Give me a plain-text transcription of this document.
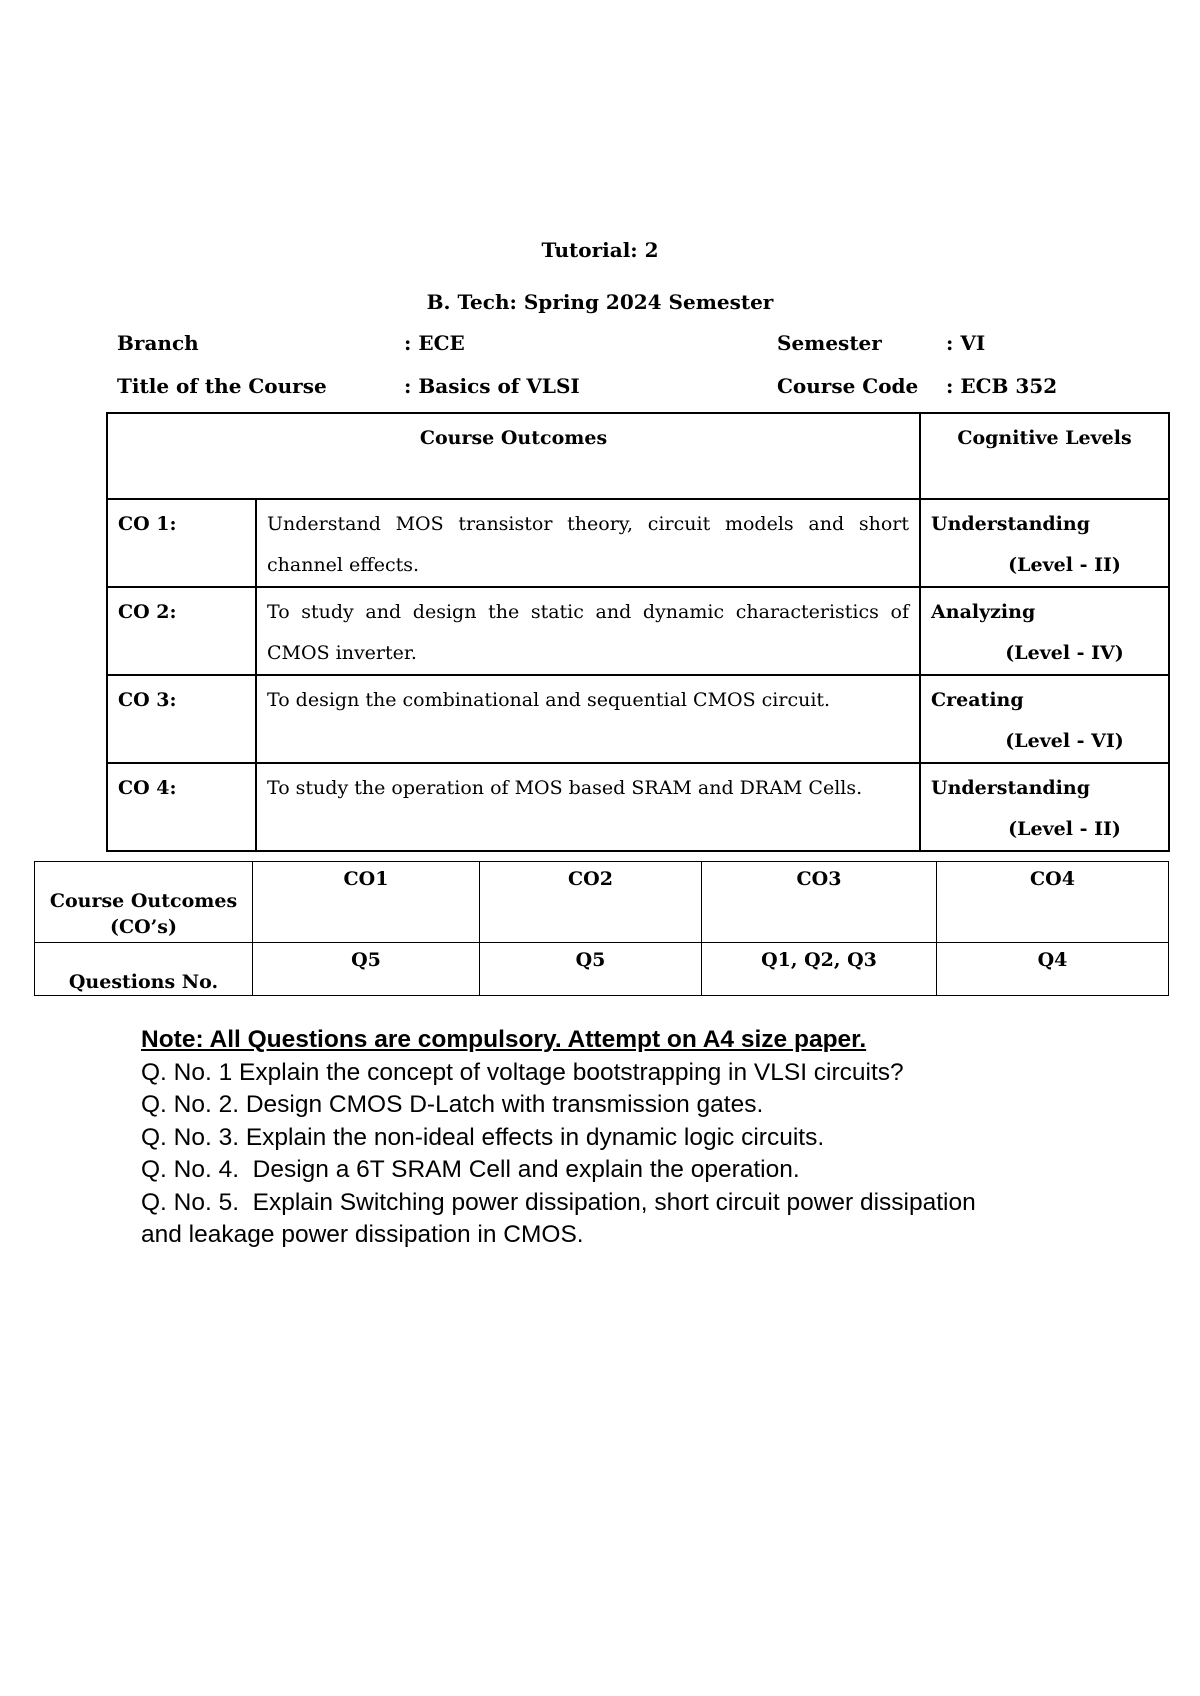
Tutorial: 2
B. Tech: Spring 2024 Semester
Branch	: ECE	Semester	: VI
Title of the Course	: Basics of VLSI	Course Code : ECB 352
Course Outcomes		Cognitive Levels
CO 1:	Understand MOS transistor theory, circuit models and short channel effects.	Understanding
(Level - II)

CO 2:	To study and design the static and dynamic characteristics of CMOS inverter.	Analyzing
(Level - IV)

CO 3:	To design the combinational and sequential CMOS circuit.	Creating
(Level - VI)

CO 4:	To study the operation of MOS based SRAM and DRAM Cells.	Understanding
(Level - II)
Course Outcomes
(CO’s)	CO1	CO2	CO3	CO4
Questions No.	Q5	Q5	Q1, Q2, Q3	Q4
Note: All Questions are compulsory. Attempt on A4 size paper.
Q. No. 1 Explain the concept of voltage bootstrapping in VLSI circuits?
Q. No. 2. Design CMOS D-Latch with transmission gates.
Q. No. 3. Explain the non-ideal effects in dynamic logic circuits.
Q. No. 4.  Design a 6T SRAM Cell and explain the operation.
Q. No. 5.  Explain Switching power dissipation, short circuit power dissipation
and leakage power dissipation in CMOS.
